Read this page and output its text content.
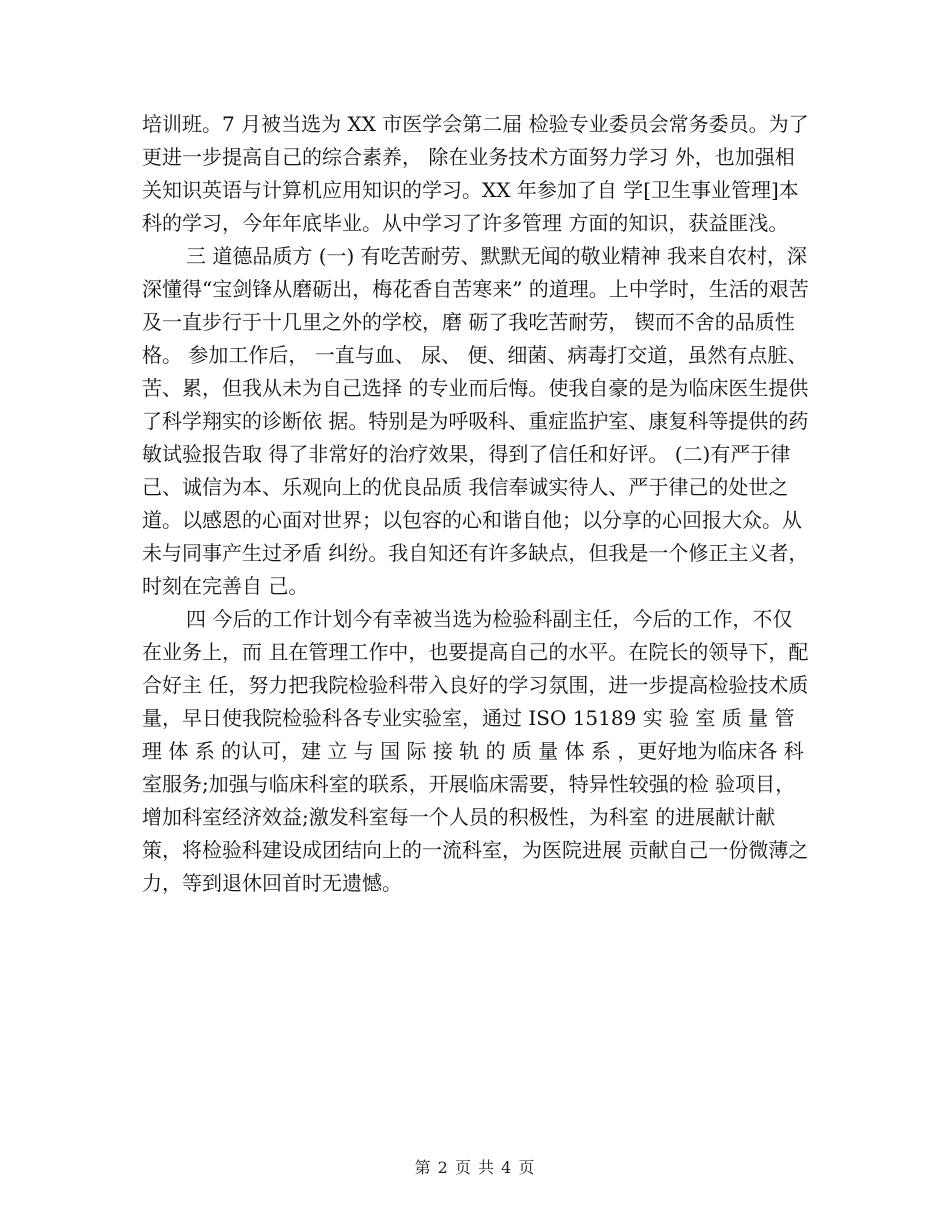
培训班。7 月被当选为 XX 市医学会第二届 检验专业委员会常务委员。为了更进一步提高自己的综合素养， 除在业务技术方面努力学习 外，也加强相关知识英语与计算机应用知识的学习。XX 年参加了自 学[卫生事业管理]本科的学习，今年年底毕业。从中学习了许多管理 方面的知识，获益匪浅。

三 道德品质方 (一) 有吃苦耐劳、默默无闻的敬业精神 我来自农村，深深懂得“宝剑锋从磨砺出，梅花香自苦寒来” 的道理。上中学时，生活的艰苦及一直步行于十几里之外的学校，磨 砺了我吃苦耐劳， 锲而不舍的品质性格。 参加工作后， 一直与血、 尿、 便、细菌、病毒打交道，虽然有点脏、苦、累，但我从未为自己选择 的专业而后悔。使我自豪的是为临床医生提供了科学翔实的诊断依 据。特别是为呼吸科、重症监护室、康复科等提供的药敏试验报告取 得了非常好的治疗效果，得到了信任和好评。 (二)有严于律己、诚信为本、乐观向上的优良品质 我信奉诚实待人、严于律己的处世之道。以感恩的心面对世界；以包容的心和谐自他；以分享的心回报大众。从未与同事产生过矛盾 纠纷。我自知还有许多缺点，但我是一个修正主义者，时刻在完善自 己。

四 今后的工作计划今有幸被当选为检验科副主任，今后的工作，不仅在业务上，而 且在管理工作中，也要提高自己的水平。在院长的领导下，配合好主 任，努力把我院检验科带入良好的学习氛围，进一步提高检验技术质 量，早日使我院检验科各专业实验室，通过 ISO 15189 实 验 室 质 量 管 理 体 系 的认可，建 立 与 国 际 接 轨 的 质 量 体 系 ，更好地为临床各 科室服务;加强与临床科室的联系，开展临床需要，特异性较强的检 验项目，增加科室经济效益;激发科室每一个人员的积极性，为科室 的进展献计献策，将检验科建设成团结向上的一流科室，为医院进展 贡献自己一份微薄之力，等到退休回首时无遗憾。

第 2 页 共 4 页
